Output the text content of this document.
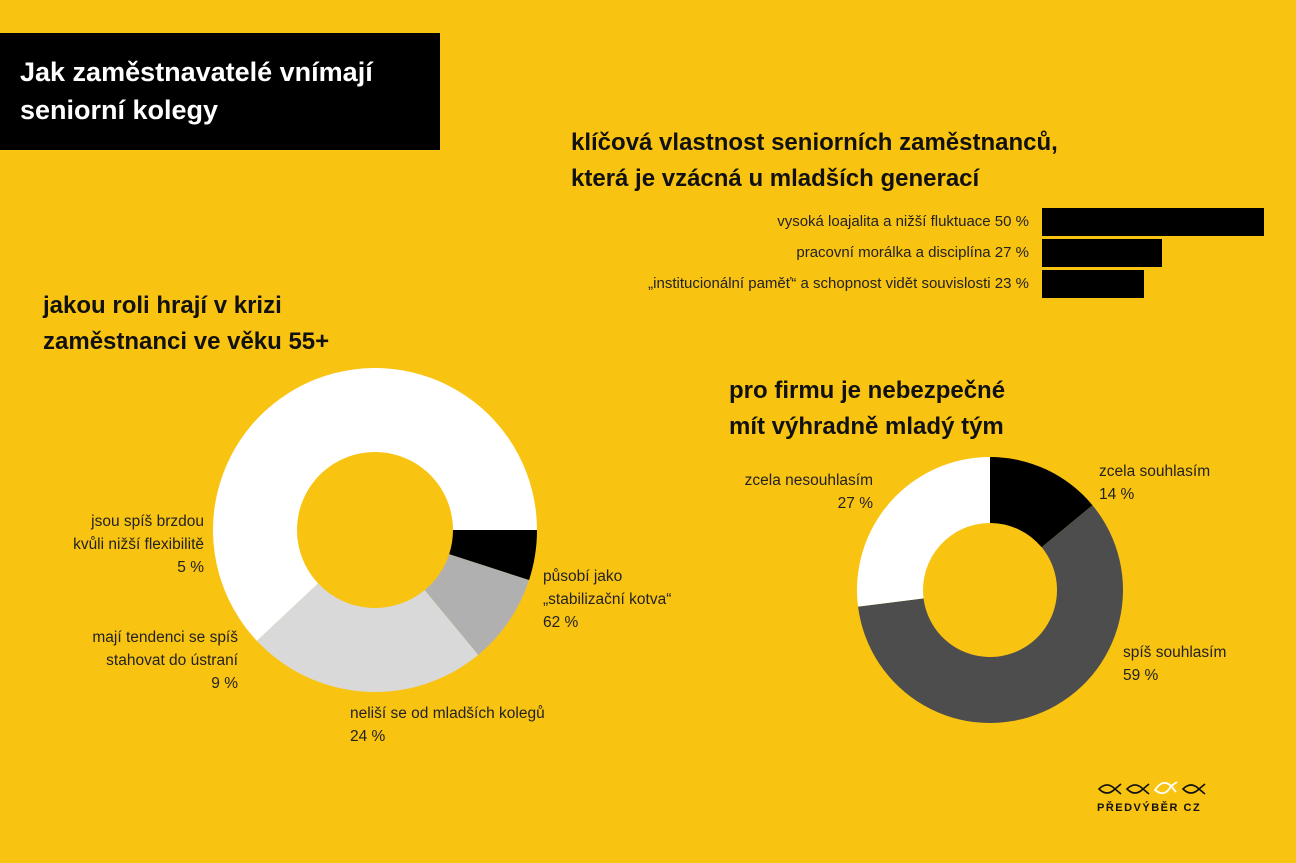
Jak zaměstnavatelé vnímají
seniorní kolegy
klíčová vlastnost seniorních zaměstnanců,
která je vzácná u mladších generací
vysoká loajalita a nižší fluktuace 50 %
pracovní morálka a disciplína 27 %
„institucionální paměť“ a schopnost vidět souvislosti 23 %
jakou roli hrají v krizi
zaměstnanci ve věku 55+
působí jako
„stabilizační kotva“
62 %
neliší se od mladších kolegů
24 %
mají tendenci se spíš
stahovat do ústraní
9 %
jsou spíš brzdou
kvůli nižší flexibilitě
5 %
pro firmu je nebezpečné
mít výhradně mladý tým
zcela souhlasím
14 %
spíš souhlasím
59 %
zcela nesouhlasím
27 %
PŘEDVÝBĚR CZ
